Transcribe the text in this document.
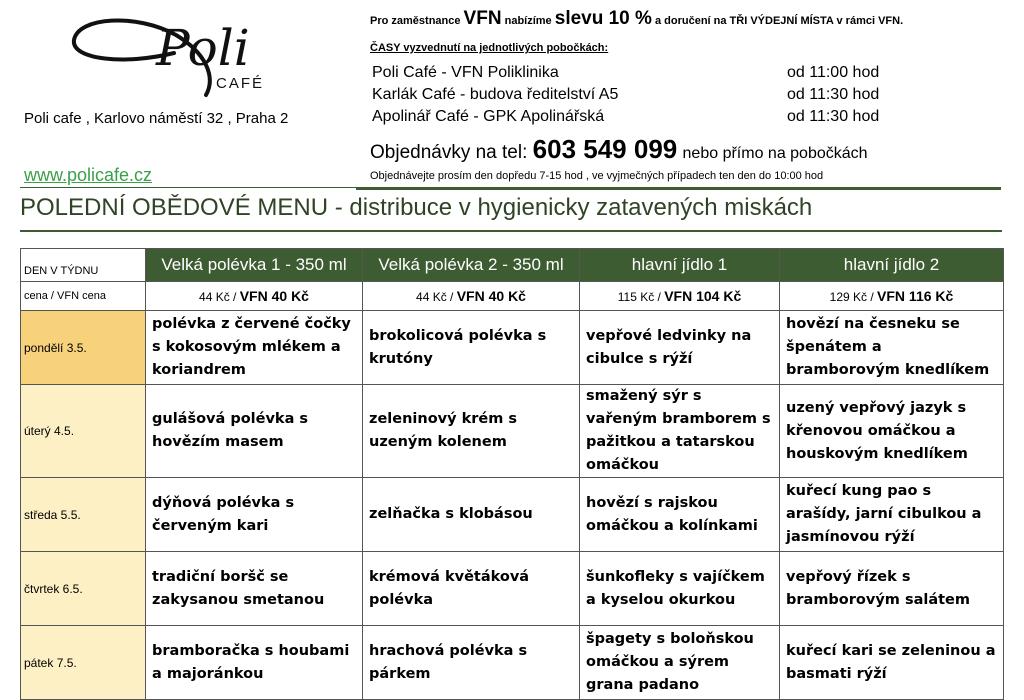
Poli
CAFÉ
Poli cafe , Karlovo náměstí 32 , Praha 2
www.policafe.cz
Pro zaměstnance VFN nabízíme slevu 10 % a doručení na TŘI VÝDEJNÍ MÍSTA v rámci VFN.
ČASY vyzvednutí na jednotlivých pobočkách:
Poli Café - VFN Poliklinika	od 11:00 hod
Karlák Café - budova ředitelství A5	od 11:30 hod
Apolinář Café - GPK Apolinářská	od 11:30 hod
Objednávky na tel: 603 549 099 nebo přímo na pobočkách
Objednávejte prosím den dopředu 7-15 hod , ve vyjmečných případech ten den do 10:00 hod
POLEDNÍ OBĚDOVÉ MENU - distribuce v hygienicky zatavených miskách
DEN V TÝDNU	Velká polévka 1 - 350 ml	Velká polévka 2 - 350 ml	hlavní jídlo 1	hlavní jídlo 2
cena / VFN cena	44 Kč / VFN 40 Kč	44 Kč / VFN 40 Kč	115 Kč / VFN 104 Kč	129 Kč / VFN 116 Kč
pondělí 3.5.	polévka z červené čočky s kokosovým mlékem a koriandrem	brokolicová polévka s krutóny	vepřové ledvinky na cibulce s rýží	hovězí na česneku se špenátem a bramborovým knedlíkem
úterý 4.5.	gulášová polévka s hovězím masem	zeleninový krém s uzeným kolenem	smažený sýr s vařeným bramborem s pažitkou a tatarskou omáčkou	uzený vepřový jazyk s křenovou omáčkou a houskovým knedlíkem
středa 5.5.	dýňová polévka s červeným kari	zelňačka s klobásou	hovězí s rajskou omáčkou a kolínkami	kuřecí kung pao s arašídy, jarní cibulkou a jasmínovou rýží
čtvrtek 6.5.	tradiční boršč se zakysanou smetanou	krémová květáková polévka	šunkofleky s vajíčkem a kyselou okurkou	vepřový řízek s bramborovým salátem
pátek 7.5.	bramboračka s houbami a majoránkou	hrachová polévka s párkem	špagety s boloňskou omáčkou a sýrem grana padano	kuřecí kari se zeleninou a basmati rýží
